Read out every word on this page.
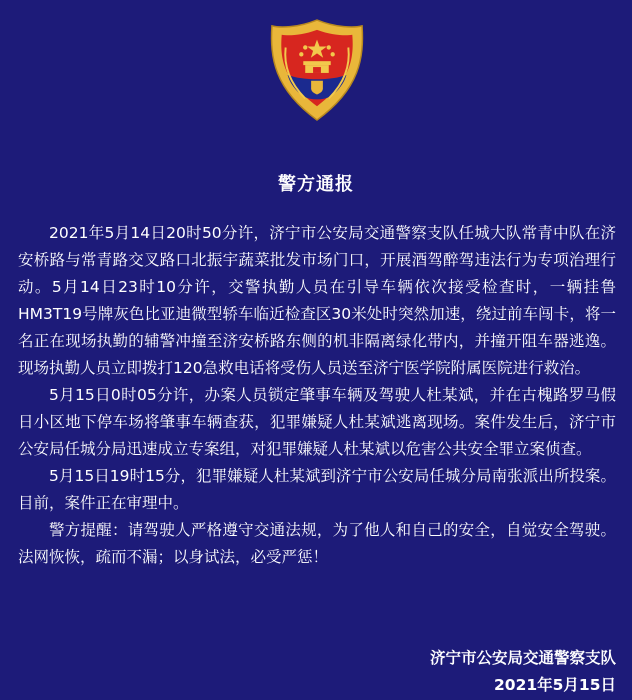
警方通报

2021年5月14日20时50分许，济宁市公安局交通警察支队任城大队常青中队在济安桥路与常青路交叉路口北振宇蔬菜批发市场门口，开展酒驾醉驾违法行为专项治理行动。5月14日23时10分许，交警执勤人员在引导车辆依次接受检查时，一辆挂鲁HM3T19号牌灰色比亚迪微型轿车临近检查区30米处时突然加速，绕过前车闯卡，将一名正在现场执勤的辅警冲撞至济安桥路东侧的机非隔离绿化带内，并撞开阻车器逃逸。现场执勤人员立即拨打120急救电话将受伤人员送至济宁医学院附属医院进行救治。

5月15日0时05分许，办案人员锁定肇事车辆及驾驶人杜某斌，并在古槐路罗马假日小区地下停车场将肇事车辆查获，犯罪嫌疑人杜某斌逃离现场。案件发生后，济宁市公安局任城分局迅速成立专案组，对犯罪嫌疑人杜某斌以危害公共安全罪立案侦查。

5月15日19时15分，犯罪嫌疑人杜某斌到济宁市公安局任城分局南张派出所投案。目前，案件正在审理中。

警方提醒：请驾驶人严格遵守交通法规，为了他人和自己的安全，自觉安全驾驶。法网恢恢，疏而不漏；以身试法，必受严惩！

济宁市公安局交通警察支队
2021年5月15日
